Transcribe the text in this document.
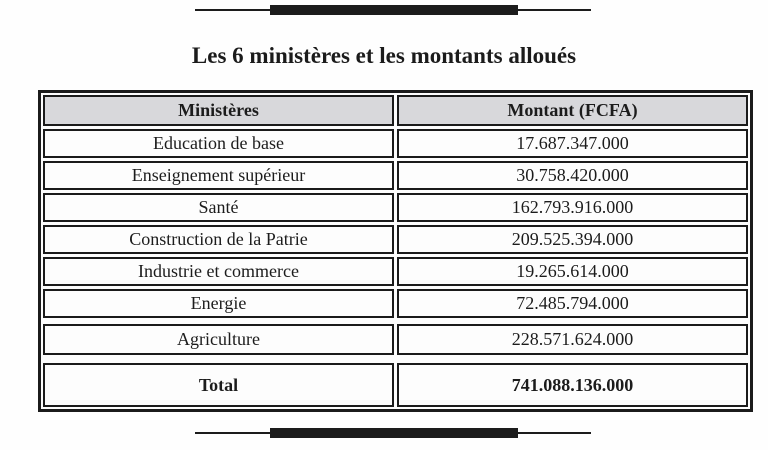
Les 6 ministères et les montants alloués
Ministères	Montant (FCFA)
Education de base	17.687.347.000
Enseignement supérieur	30.758.420.000
Santé	162.793.916.000
Construction de la Patrie	209.525.394.000
Industrie et commerce	19.265.614.000
Energie	72.485.794.000
Agriculture	228.571.624.000
Total	741.088.136.000
